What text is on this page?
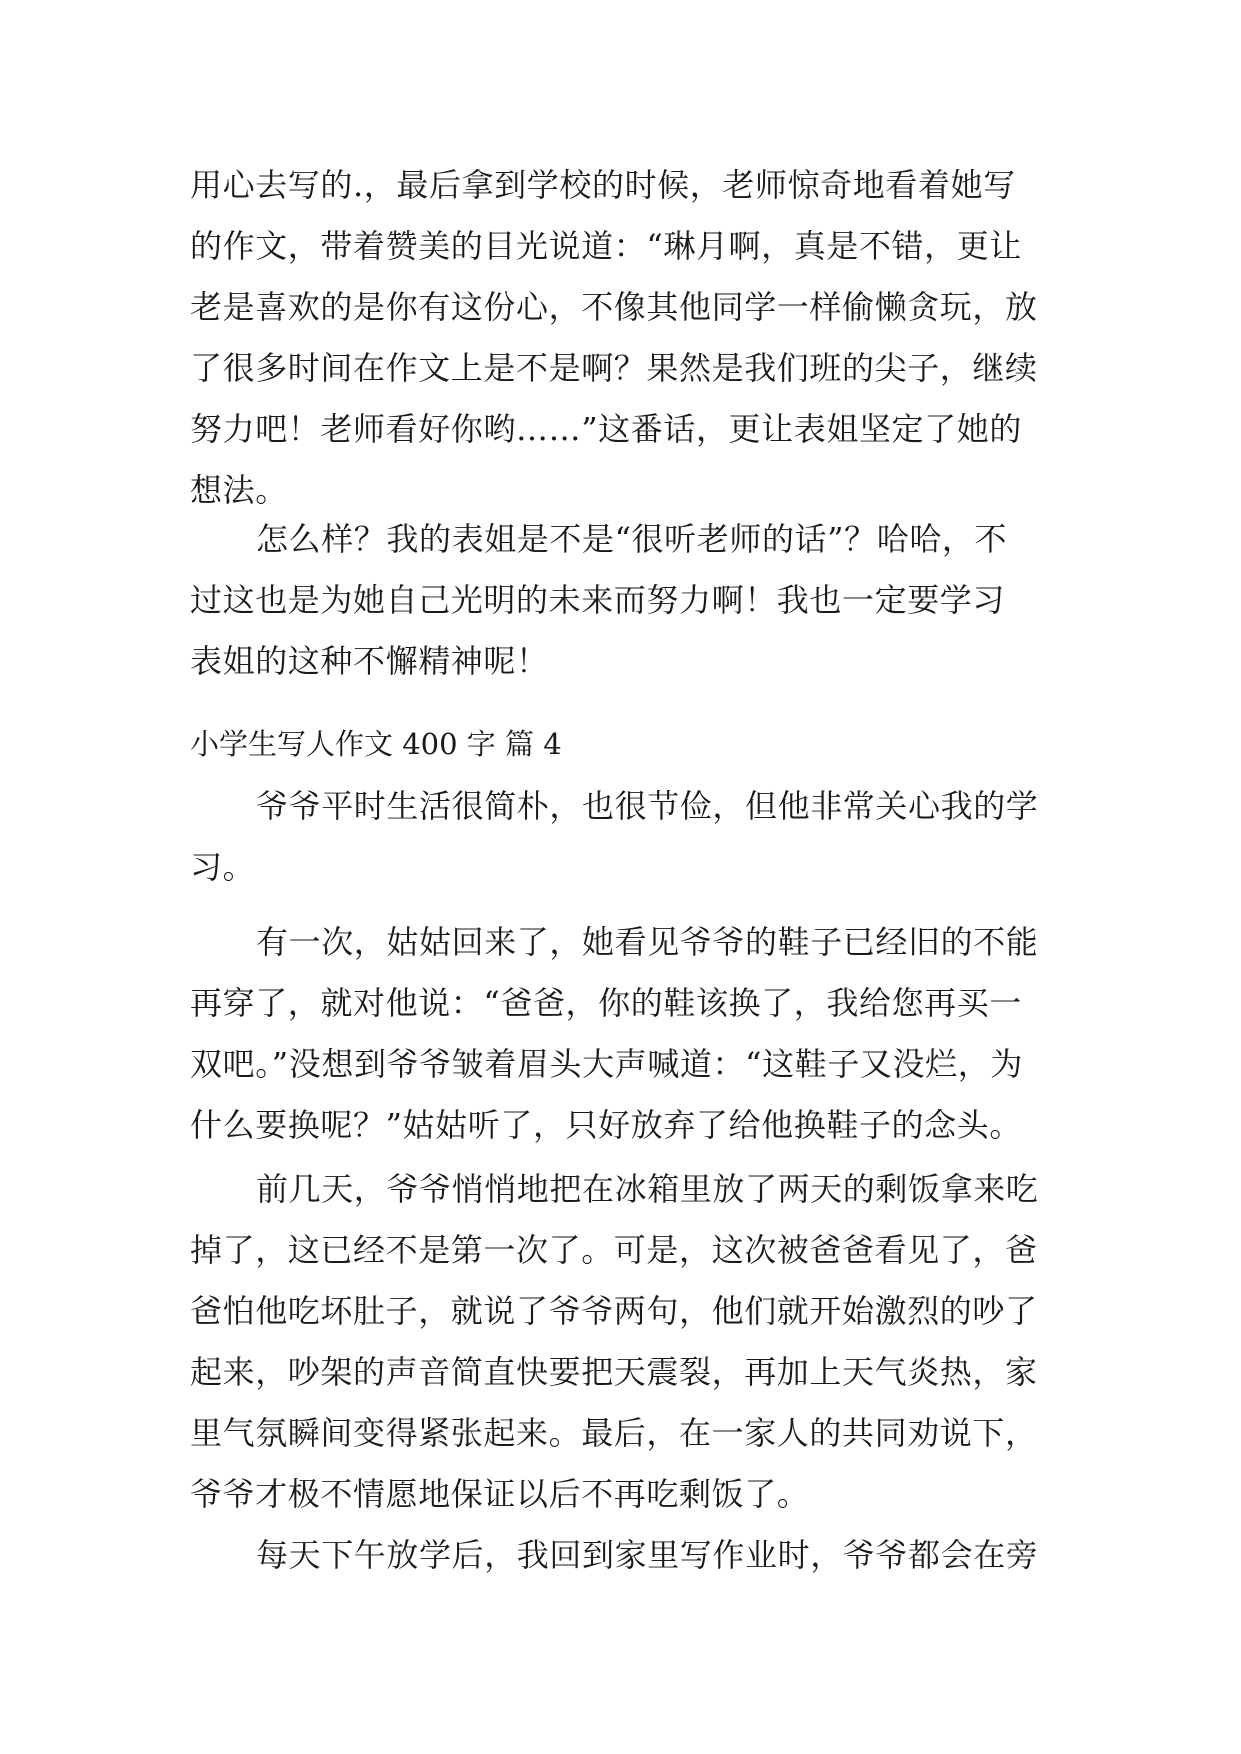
用心去写的.，最后拿到学校的时候，老师惊奇地看着她写
的作文，带着赞美的目光说道：“琳月啊，真是不错，更让
老是喜欢的是你有这份心，不像其他同学一样偷懒贪玩，放
了很多时间在作文上是不是啊？果然是我们班的尖子，继续
努力吧！老师看好你哟……”这番话，更让表姐坚定了她的
想法。
怎么样？我的表姐是不是“很听老师的话”？哈哈，不
过这也是为她自己光明的未来而努力啊！我也一定要学习
表姐的这种不懈精神呢！
小学生写人作文 400 字 篇 4
爷爷平时生活很简朴，也很节俭，但他非常关心我的学
习。
有一次，姑姑回来了，她看见爷爷的鞋子已经旧的不能
再穿了，就对他说：“爸爸，你的鞋该换了，我给您再买一
双吧。”没想到爷爷皱着眉头大声喊道：“这鞋子又没烂，为
什么要换呢？”姑姑听了，只好放弃了给他换鞋子的念头。
前几天，爷爷悄悄地把在冰箱里放了两天的剩饭拿来吃
掉了，这已经不是第一次了。可是，这次被爸爸看见了，爸
爸怕他吃坏肚子，就说了爷爷两句，他们就开始激烈的吵了
起来，吵架的声音简直快要把天震裂，再加上天气炎热，家
里气氛瞬间变得紧张起来。最后，在一家人的共同劝说下，
爷爷才极不情愿地保证以后不再吃剩饭了。
每天下午放学后，我回到家里写作业时，爷爷都会在旁
